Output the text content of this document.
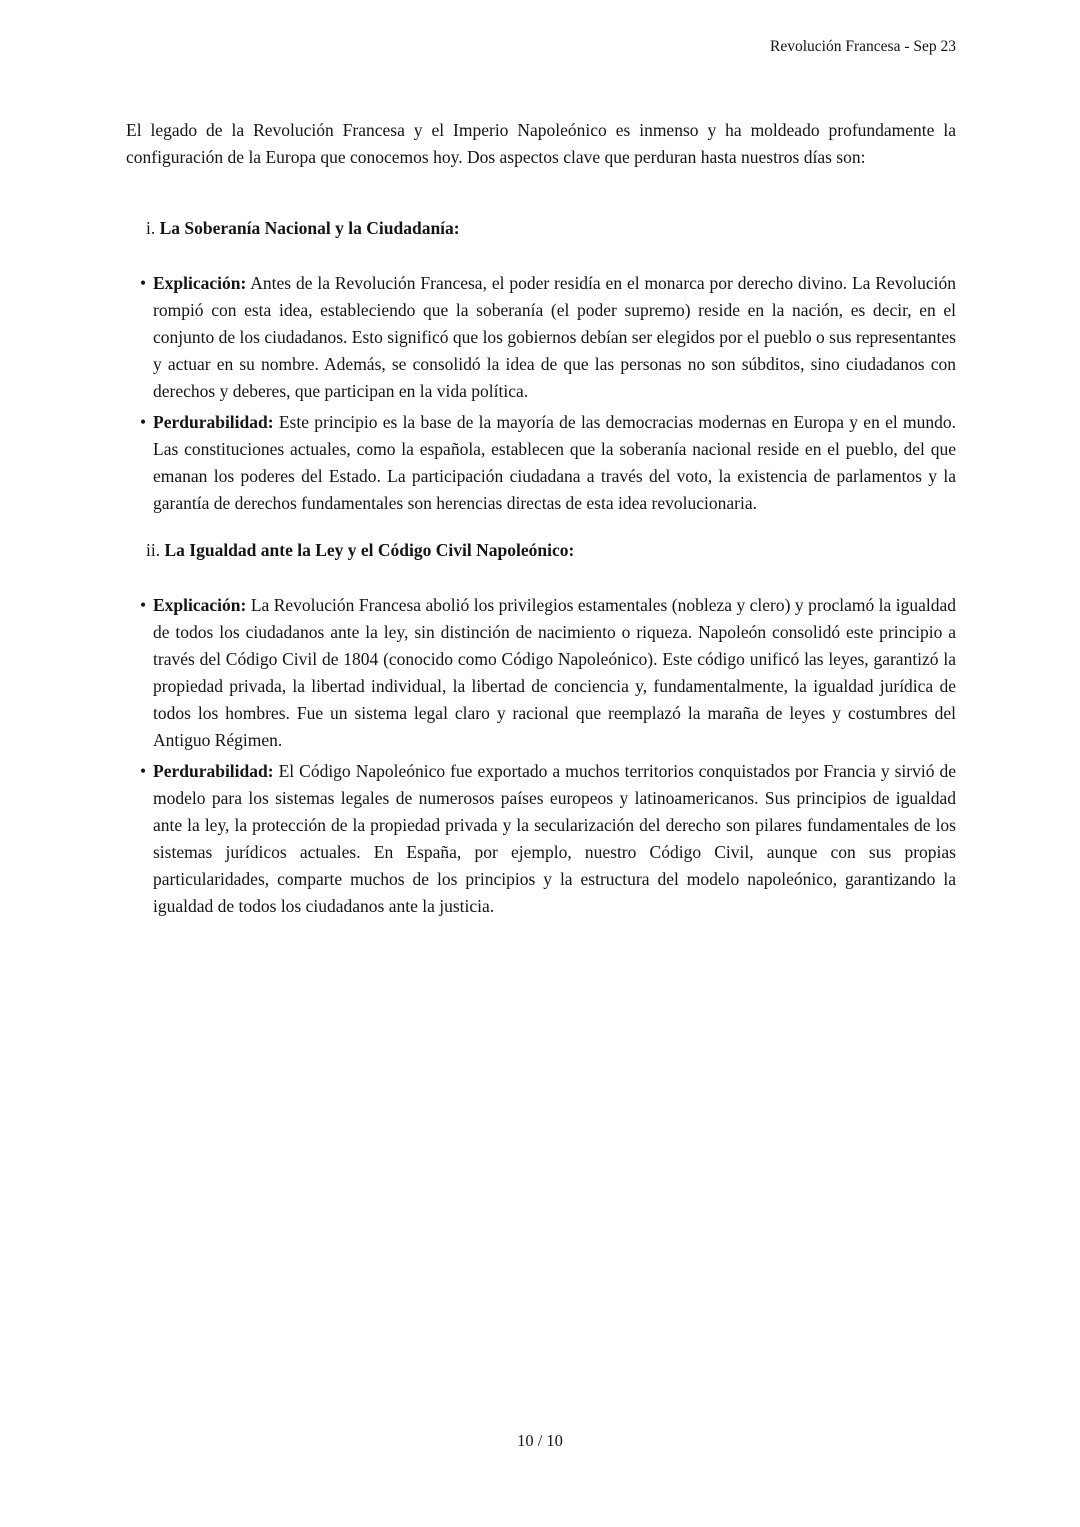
Revolución Francesa - Sep 23

El legado de la Revolución Francesa y el Imperio Napoleónico es inmenso y ha moldeado profundamente la configuración de la Europa que conocemos hoy. Dos aspectos clave que perduran hasta nuestros días son:

i. La Soberanía Nacional y la Ciudadanía:
• Explicación: Antes de la Revolución Francesa, el poder residía en el monarca por derecho divino. La Revolución rompió con esta idea, estableciendo que la soberanía (el poder supremo) reside en la nación, es decir, en el conjunto de los ciudadanos. Esto significó que los gobiernos debían ser elegidos por el pueblo o sus representantes y actuar en su nombre. Además, se consolidó la idea de que las personas no son súbditos, sino ciudadanos con derechos y deberes, que participan en la vida política.
• Perdurabilidad: Este principio es la base de la mayoría de las democracias modernas en Europa y en el mundo. Las constituciones actuales, como la española, establecen que la soberanía nacional reside en el pueblo, del que emanan los poderes del Estado. La participación ciudadana a través del voto, la existencia de parlamentos y la garantía de derechos fundamentales son herencias directas de esta idea revolucionaria.
ii. La Igualdad ante la Ley y el Código Civil Napoleónico:
• Explicación: La Revolución Francesa abolió los privilegios estamentales (nobleza y clero) y proclamó la igualdad de todos los ciudadanos ante la ley, sin distinción de nacimiento o riqueza. Napoleón consolidó este principio a través del Código Civil de 1804 (conocido como Código Napoleónico). Este código unificó las leyes, garantizó la propiedad privada, la libertad individual, la libertad de conciencia y, fundamentalmente, la igualdad jurídica de todos los hombres. Fue un sistema legal claro y racional que reemplazó la maraña de leyes y costumbres del Antiguo Régimen.
• Perdurabilidad: El Código Napoleónico fue exportado a muchos territorios conquistados por Francia y sirvió de modelo para los sistemas legales de numerosos países europeos y latinoamericanos. Sus principios de igualdad ante la ley, la protección de la propiedad privada y la secularización del derecho son pilares fundamentales de los sistemas jurídicos actuales. En España, por ejemplo, nuestro Código Civil, aunque con sus propias particularidades, comparte muchos de los principios y la estructura del modelo napoleónico, garantizando la igualdad de todos los ciudadanos ante la justicia.
10 / 10
